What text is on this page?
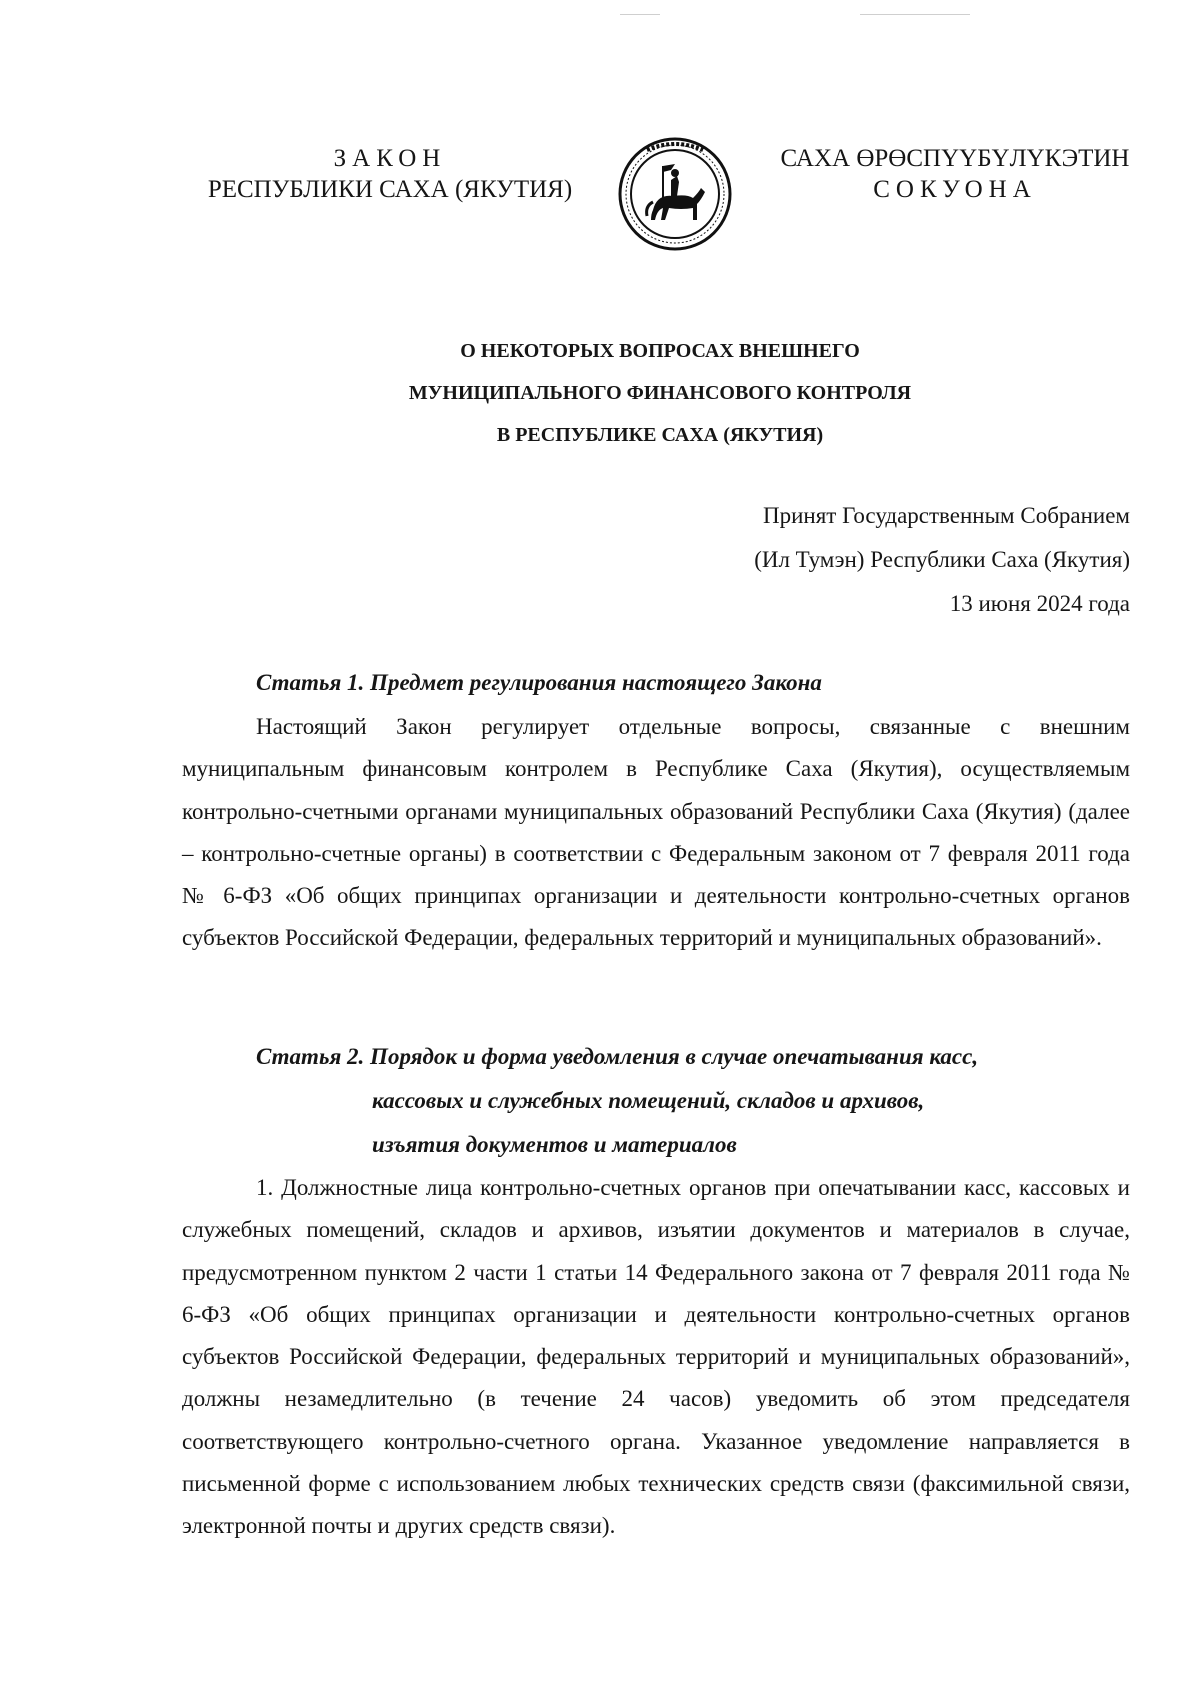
ЗАКОН
РЕСПУБЛИКИ САХА (ЯКУТИЯ)
САХА ӨРӨСПҮҮБҮЛҮКЭТИН
СОКУОНА
О НЕКОТОРЫХ ВОПРОСАХ ВНЕШНЕГО
МУНИЦИПАЛЬНОГО ФИНАНСОВОГО КОНТРОЛЯ
В РЕСПУБЛИКЕ САХА (ЯКУТИЯ)
Принят Государственным Собранием
(Ил Тумэн) Республики Саха (Якутия)
13 июня 2024 года
Статья 1. Предмет регулирования настоящего Закона
Настоящий Закон регулирует отдельные вопросы, связанные с внешним муниципальным финансовым контролем в Республике Саха (Якутия), осуществляемым контрольно-счетными органами муниципальных образований Республики Саха (Якутия) (далее – контрольно-счетные органы) в соответствии с Федеральным законом от 7 февраля 2011 года № 6-ФЗ «Об общих принципах организации и деятельности контрольно-счетных органов субъектов Российской Федерации, федеральных территорий и муниципальных образований».
Статья 2. Порядок и форма уведомления в случае опечатывания касс,
кассовых и служебных помещений, складов и архивов,
изъятия документов и материалов
1. Должностные лица контрольно-счетных органов при опечатывании касс, кассовых и служебных помещений, складов и архивов, изъятии документов и материалов в случае, предусмотренном пунктом 2 части 1 статьи 14 Федерального закона от 7 февраля 2011 года № 6-ФЗ «Об общих принципах организации и деятельности контрольно-счетных органов субъектов Российской Федерации, федеральных территорий и муниципальных образований», должны незамедлительно (в течение 24 часов) уведомить об этом председателя соответствующего контрольно-счетного органа. Указанное уведомление направляется в письменной форме с использованием любых технических средств связи (факсимильной связи, электронной почты и других средств связи).
